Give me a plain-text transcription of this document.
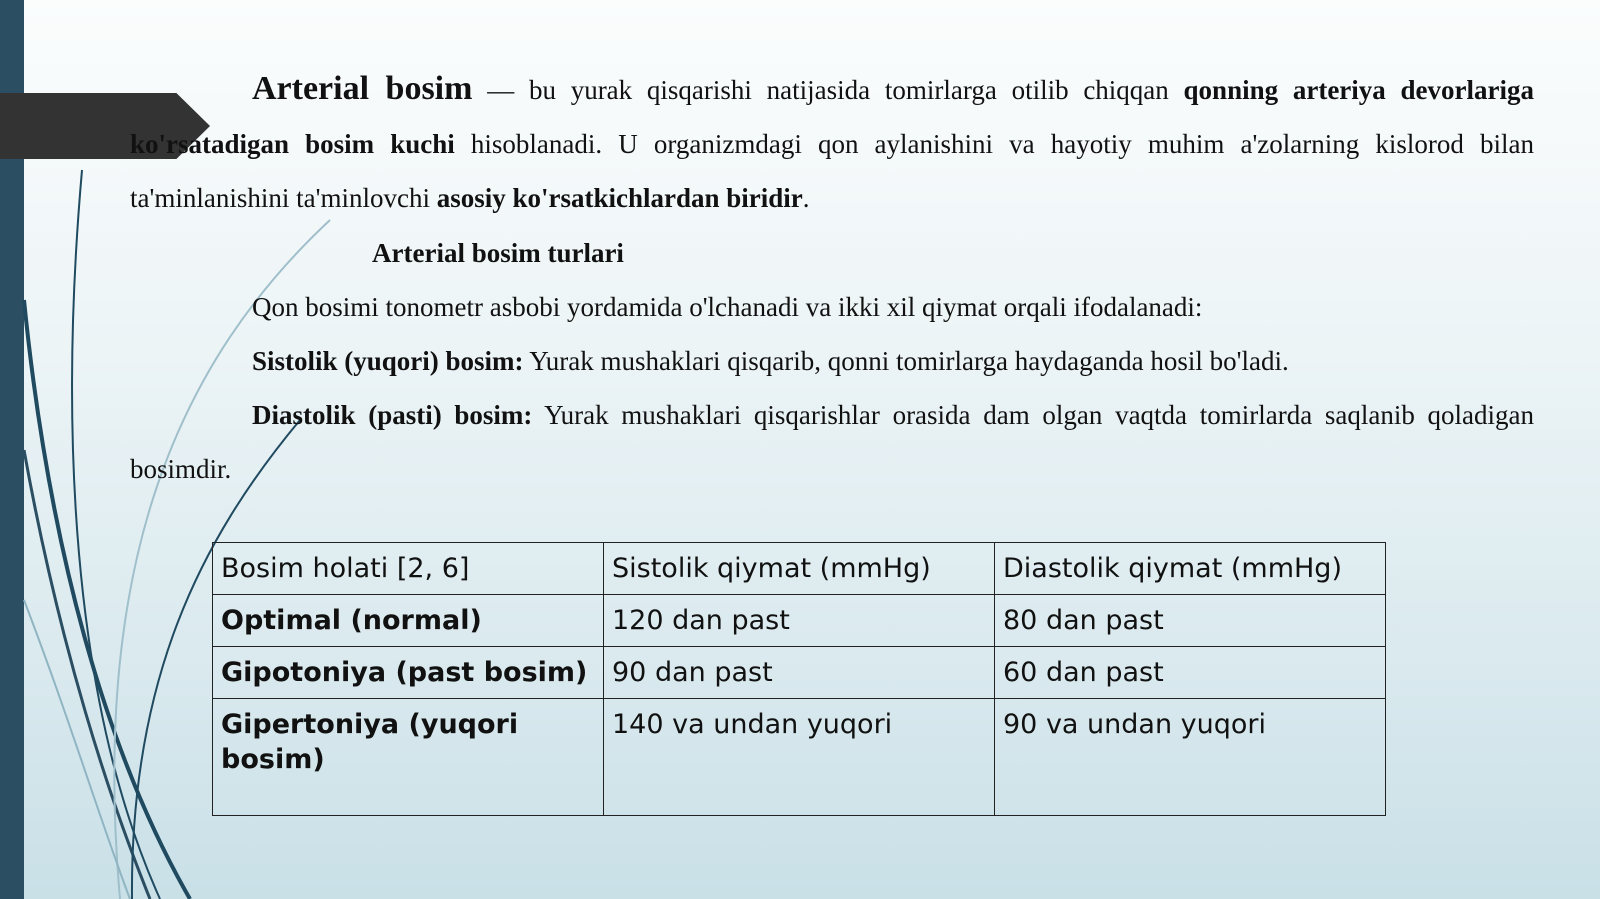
Arterial bosim — bu yurak qisqarishi natijasida tomirlarga otilib chiqqan qonning arteriya devorlariga ko'rsatadigan bosim kuchi hisoblanadi. U organizmdagi qon aylanishini va hayotiy muhim a'zolarning kislorod bilan ta'minlanishini ta'minlovchi asosiy ko'rsatkichlardan biridir.
Arterial bosim turlari
Qon bosimi tonometr asbobi yordamida o'lchanadi va ikki xil qiymat orqali ifodalanadi:
Sistolik (yuqori) bosim: Yurak mushaklari qisqarib, qonni tomirlarga haydaganda hosil bo'ladi.
Diastolik (pasti) bosim: Yurak mushaklari qisqarishlar orasida dam olgan vaqtda tomirlarda saqlanib qoladigan bosimdir.
Bosim holati [2, 6]	Sistolik qiymat (mmHg)	Diastolik qiymat (mmHg)
Optimal (normal)	120 dan past	80 dan past
Gipotoniya (past bosim)	90 dan past	60 dan past
Gipertoniya (yuqori bosim)	140 va undan yuqori	90 va undan yuqori
